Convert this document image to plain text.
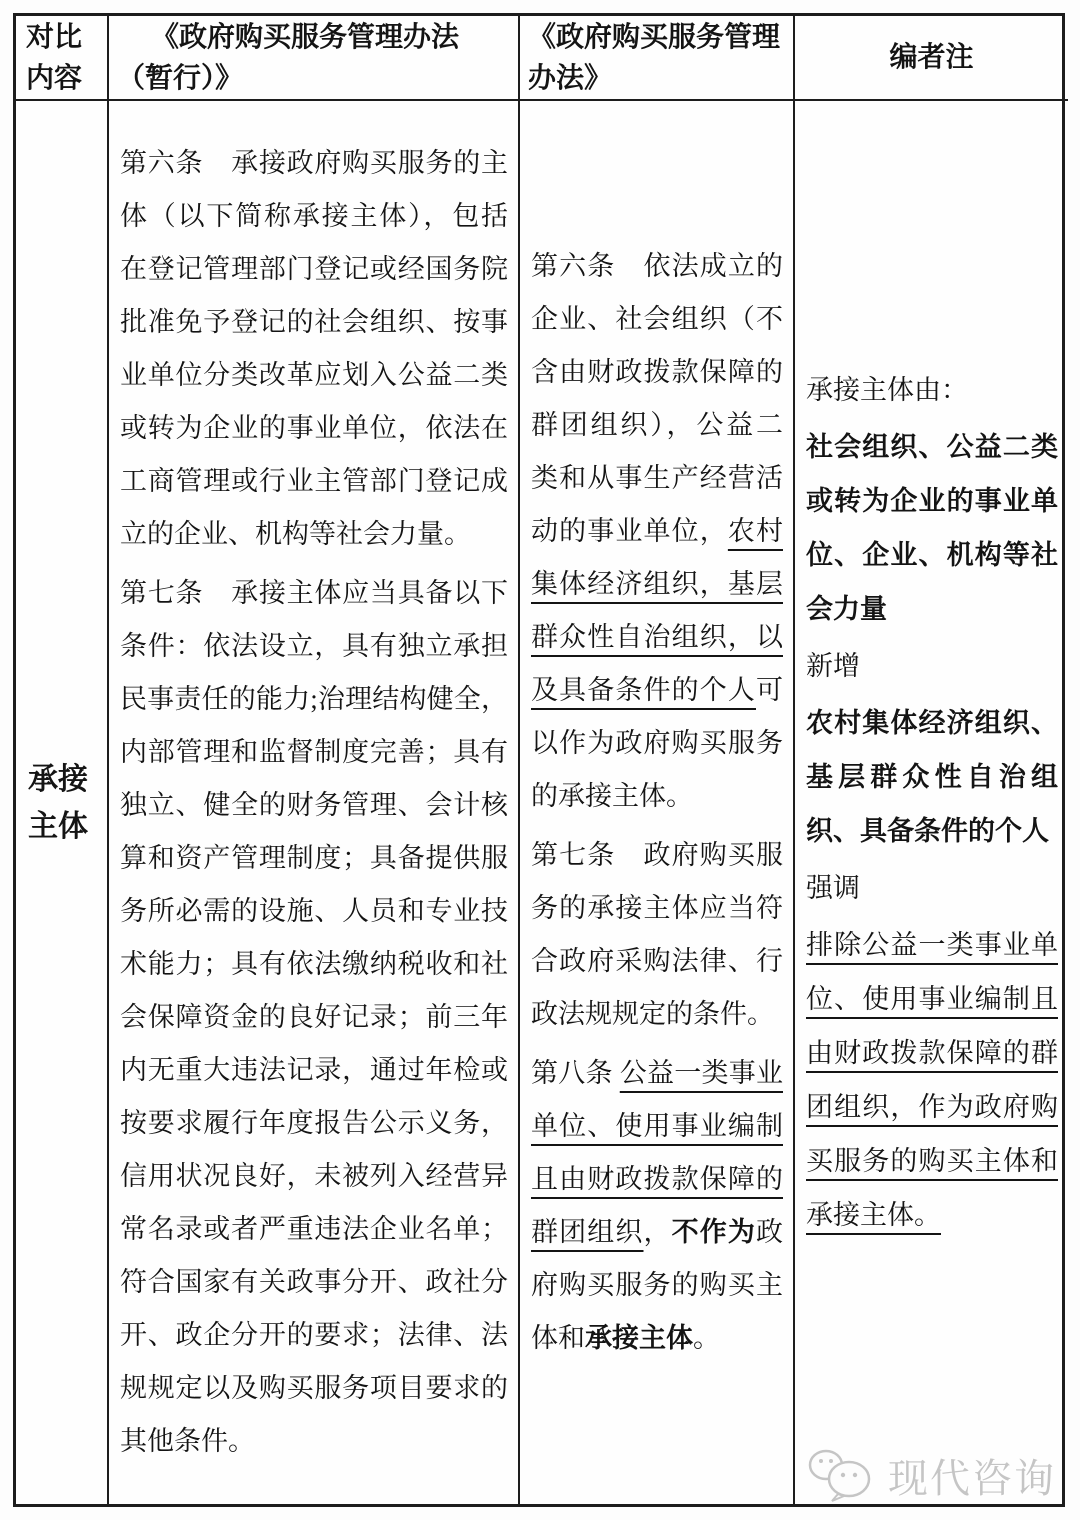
对比内容

《政府购买服务管理办法（暂行）》

《政府购买服务管理办法》

编者注

承接主体

第六条　承接政府购买服务的主体（以下简称承接主体），包括在登记管理部门登记或经国务院批准免予登记的社会组织、按事业单位分类改革应划入公益二类或转为企业的事业单位，依法在工商管理或行业主管部门登记成立的企业、机构等社会力量。

第七条　承接主体应当具备以下条件：依法设立，具有独立承担民事责任的能力;治理结构健全，内部管理和监督制度完善；具有独立、健全的财务管理、会计核算和资产管理制度；具备提供服务所必需的设施、人员和专业技术能力；具有依法缴纳税收和社会保障资金的良好记录；前三年内无重大违法记录，通过年检或按要求履行年度报告公示义务，信用状况良好，未被列入经营异常名录或者严重违法企业名单；符合国家有关政事分开、政社分开、政企分开的要求；法律、法规规定以及购买服务项目要求的其他条件。

第六条　依法成立的企业、社会组织（不含由财政拨款保障的群团组织），公益二类和从事生产经营活动的事业单位，农村集体经济组织，基层群众性自治组织，以及具备条件的个人可以作为政府购买服务的承接主体。

第七条　政府购买服务的承接主体应当符合政府采购法律、行政法规规定的条件。

第八条 公益一类事业单位、使用事业编制且由财政拨款保障的群团组织，不作为政府购买服务的购买主体和承接主体。

承接主体由：

社会组织、公益二类或转为企业的事业单位、企业、机构等社会力量

新增

农村集体经济组织、基层群众性自治组织、具备条件的个人

强调

排除公益一类事业单位、使用事业编制且由财政拨款保障的群团组织，作为政府购买服务的购买主体和承接主体。

现代咨询
